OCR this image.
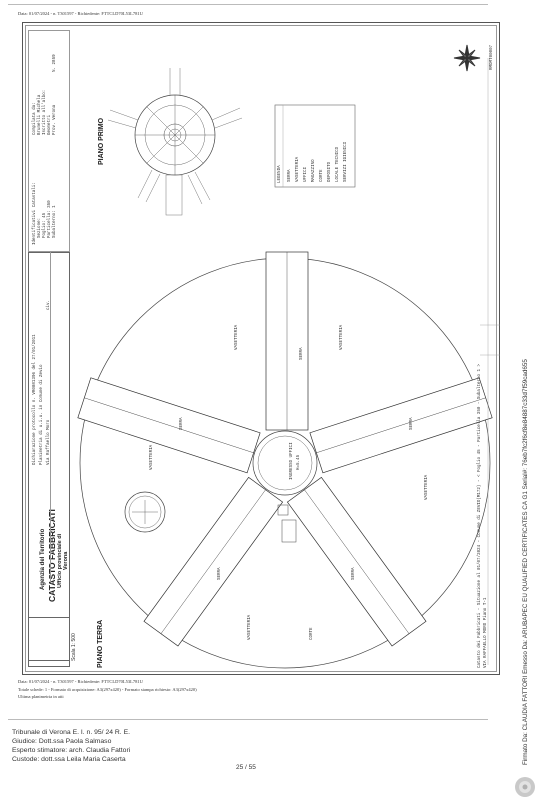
Data: 01/07/2024 - n. T301597 - Richiedente: FTTCLD70L53L781U
Agenzia del Territorio CATASTO FABBRICATI Ufficio provinciale di Verona
Scala 1: 500
Dichiarazione protocollo n. VR0081396 del 27/01/2011 Planimetria di u.i.u. in Comune di Zevio Via Raffaello Moro
civ.
Identificativi Catastali: Sezione: Foglio: 45 Particella: 350 Subalterno: 1
Compilata da: Brunelli Michela Iscritto all'albo: Geometri Prov. Verona
N. 2859
PIANO PRIMO
PIANO TERRA
SERRA
VASETTERIA
VASETTERIA
SERRA	SERRA
VASETTERIA
VASETTERIA
SERRA	SERRA
VASETTERIA	CORTE
INGRESSO UFFICI H=5.45
LEGENDA SERRA VASETTERIA UFFICI MAGAZZINO CORTE DEPOSITO LOCALE TECNICO SERVIZI IGIENICI
RMOMT00007
Catasto dei Fabbricati - Situazione al 01/07/2024 - Comune di ZEVIO(M172) - < Foglio 45 - Particella 350 - Subalterno 1 > VIA RAFFAELLO MORO Piano T-1
Data: 01/07/2024 - n. T301597 - Richiedente: FTTCLD70L53L781U
Totale schede: 1 - Formato di acquisizione: A3(297x420) - Formato stampa richiesto: A3(297x420)
Ultima planimetria in atti
Tribunale di Verona E. I. n. 95/ 24 R. E.
Giudice: Dott.ssa Paola Salmaso
Esperto stimatore: arch. Claudia Fattori
Custode: dott.ssa Leila Maria Caserta
25 / 55
Firmato Da: CLAUDIA FATTORI Emesso Da: ARUBAPEC EU QUALIFIED CERTIFICATES CA G1 Serial#: 76eb7fc2f6cf8e84887c33d7f59cad655
